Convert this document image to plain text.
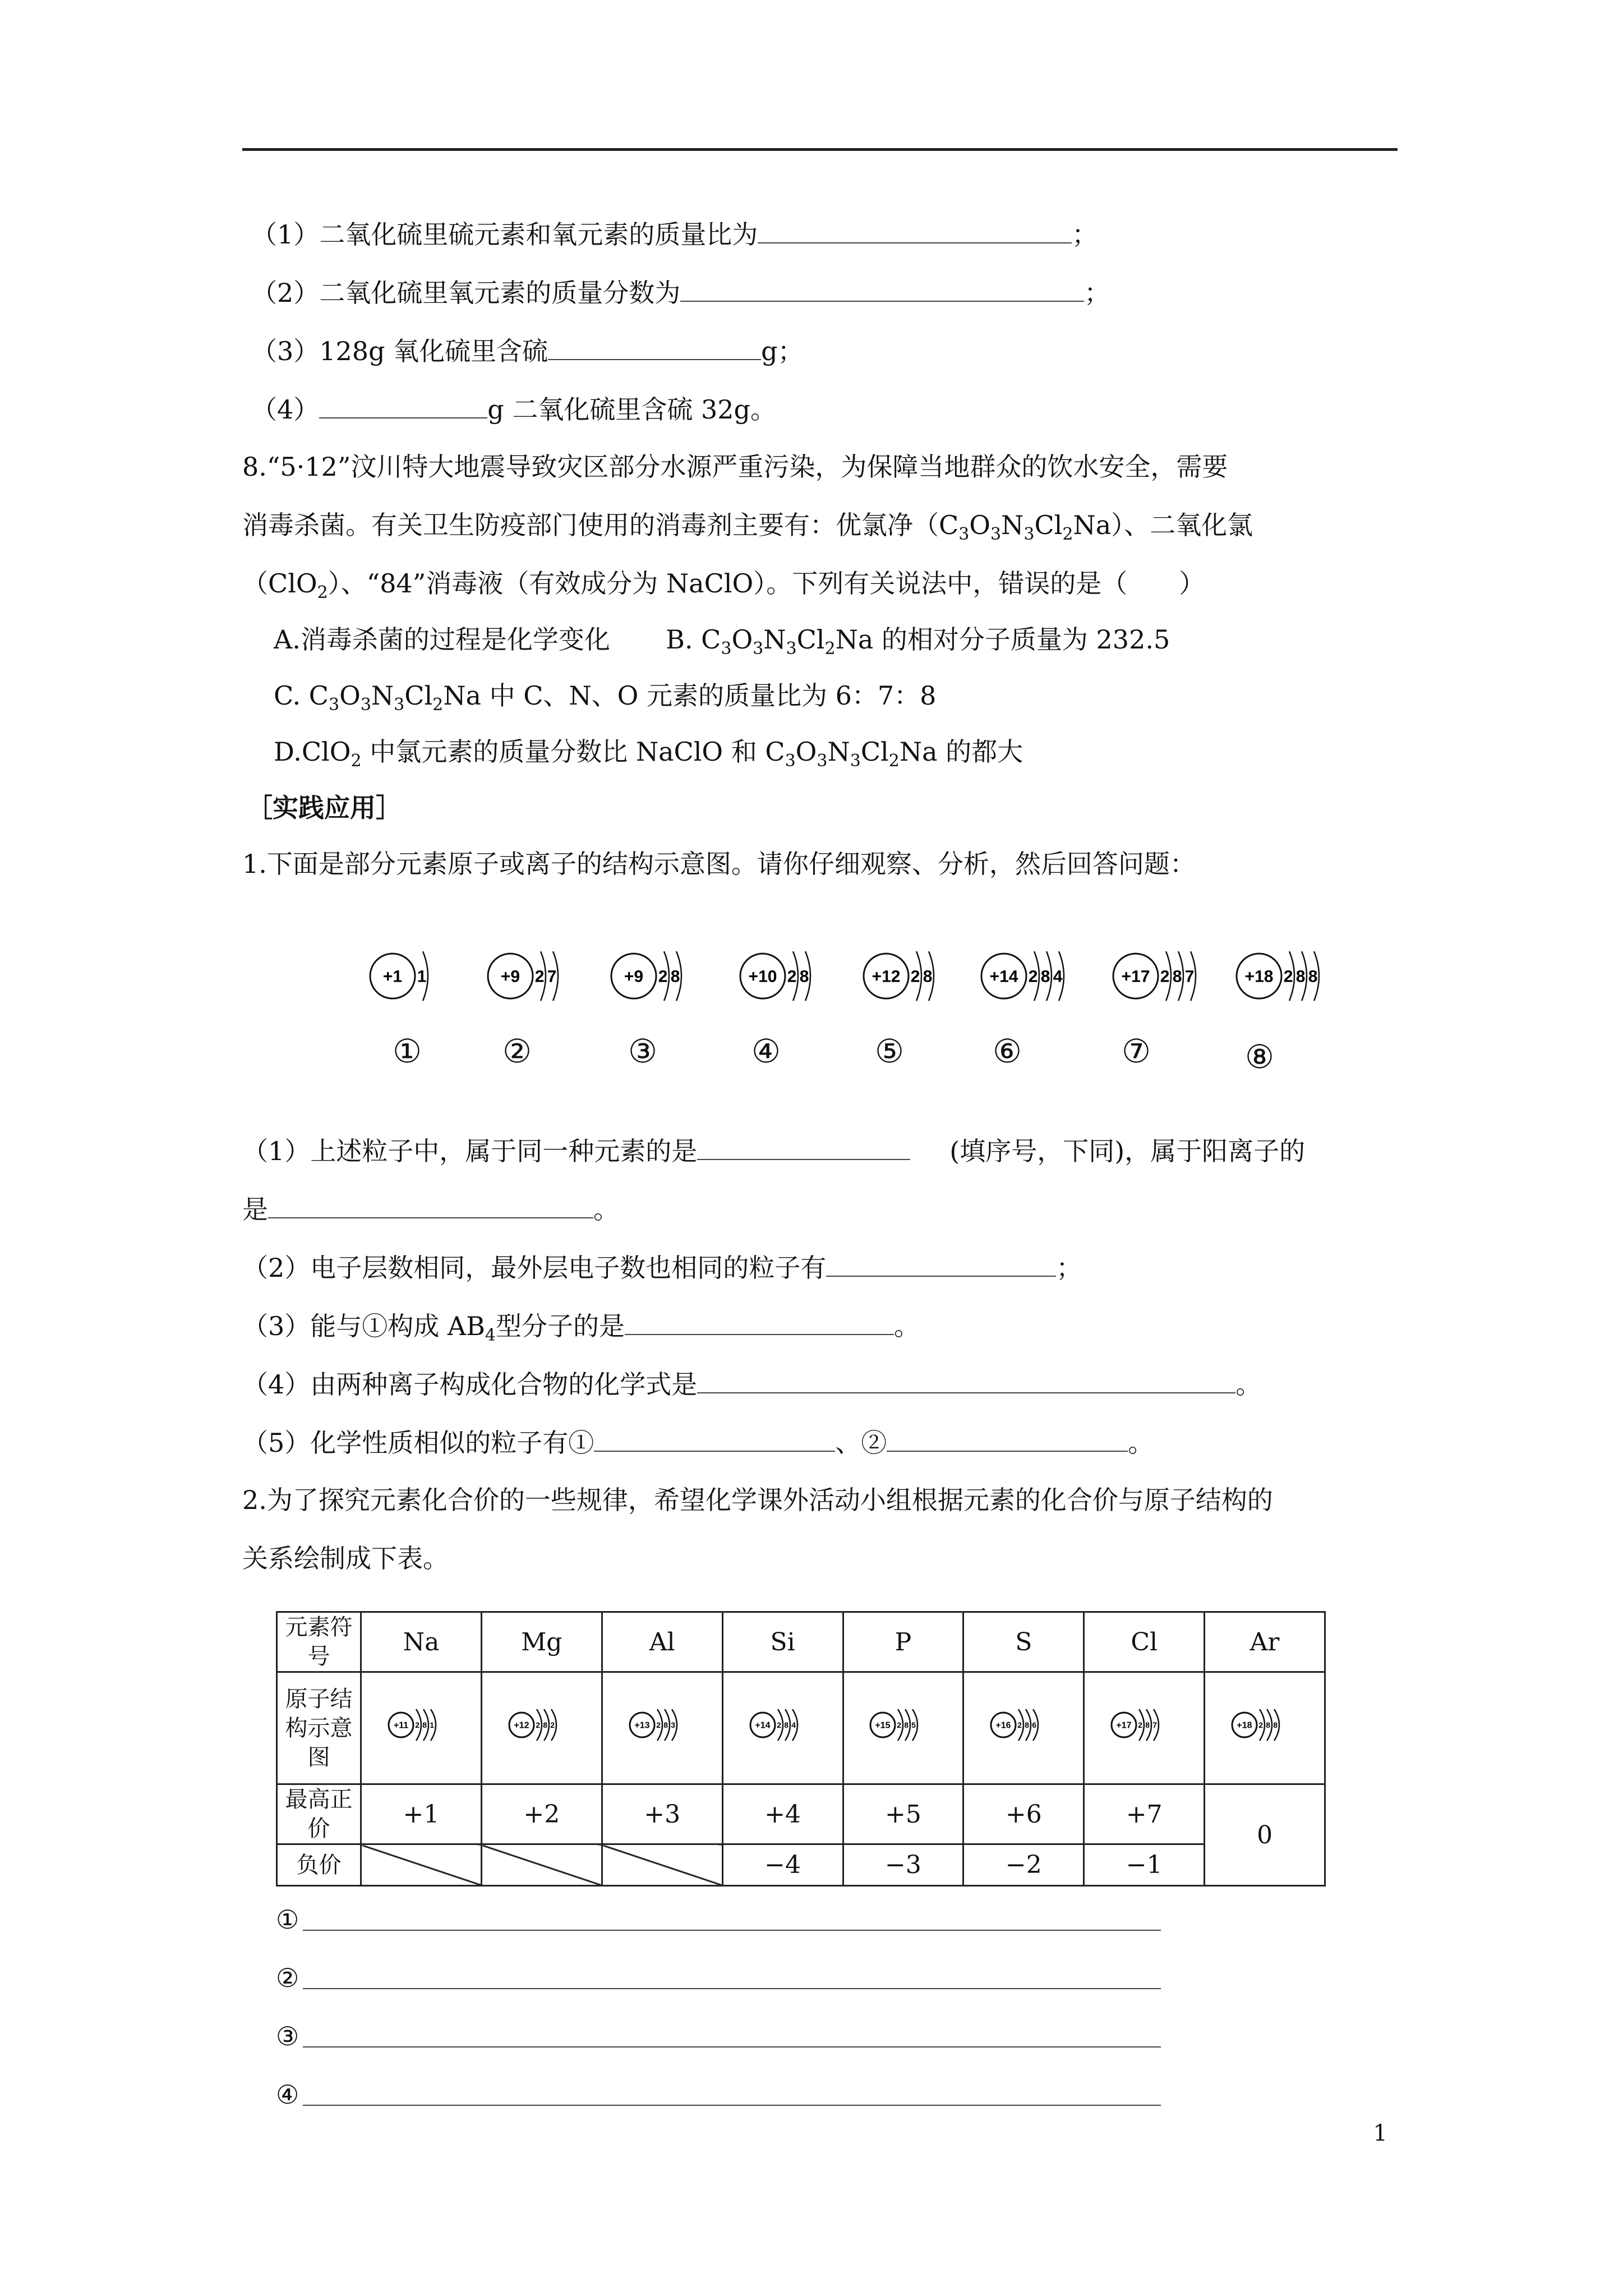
（1）二氧化硫里硫元素和氧元素的质量比为	；
（2）二氧化硫里氧元素的质量分数为	；
（3）128g 氧化硫里含硫	g；
（4）	g 二氧化硫里含硫 32g。
8.“5·12”汶川特大地震导致灾区部分水源严重污染，为保障当地群众的饮水安全，需要
消毒杀菌。有关卫生防疫部门使用的消毒剂主要有：优氯净$(C_3O_3N_3Cl_2Na)$、二氧化氯
（ClO$_2$）、“84”消毒液（有效成分为 NaClO）。下列有关说法中，错误的是（　　）
A.消毒杀菌的过程是化学变化 B. $C_3O_3N_3Cl_2Na$ 的相对分子质量为 232.5
C. $C_3O_3N_3Cl_2Na$ 中 C、N、O 元素的质量比为 6：7：8
D.ClO$_2$ 中氯元素的质量分数比 NaClO 和 $C_3O_3N_3Cl_2Na$ 的都大
［实践应用］
1.下面是部分元素原子或离子的结构示意图。请你仔细观察、分析，然后回答问题：
+1 1	+9 2 7	+9 2 8	+10 2 8	+12 2 8	+14 2 8 4	+17 2 8 7	+18 2 8 8
① ②	③	④	⑤	⑥	⑦	⑧
（1）上述粒子中，属于同一种元素的是	(填序号，下同)，属于阳离子的
是	。
（2）电子层数相同，最外层电子数也相同的粒子有	；
（3）能与①构成 $AB_4$型分子的是	。
（4）由两种离子构成化合物的化学式是	。
（5）化学性质相似的粒子有①	、②	。
2.为了探究元素化合价的一些规律，希望化学课外活动小组根据元素的化合价与原子结构的
关系绘制成下表。
元素符号	Na	Mg	Al	Si	P	S	Cl	Ar
原子结构示意图	+11 2 8 1	+12 2 8 2	+13 2 8 3	+14 2 8 4	+15 2 8 5	+16 2 8 6	+17 2 8 7	+18 2 8 8

最高正价	+1	+2	+3	+4	+5	+6	+7	0
负价				−4	−3	−2	−1	
①
②
③
④
1
